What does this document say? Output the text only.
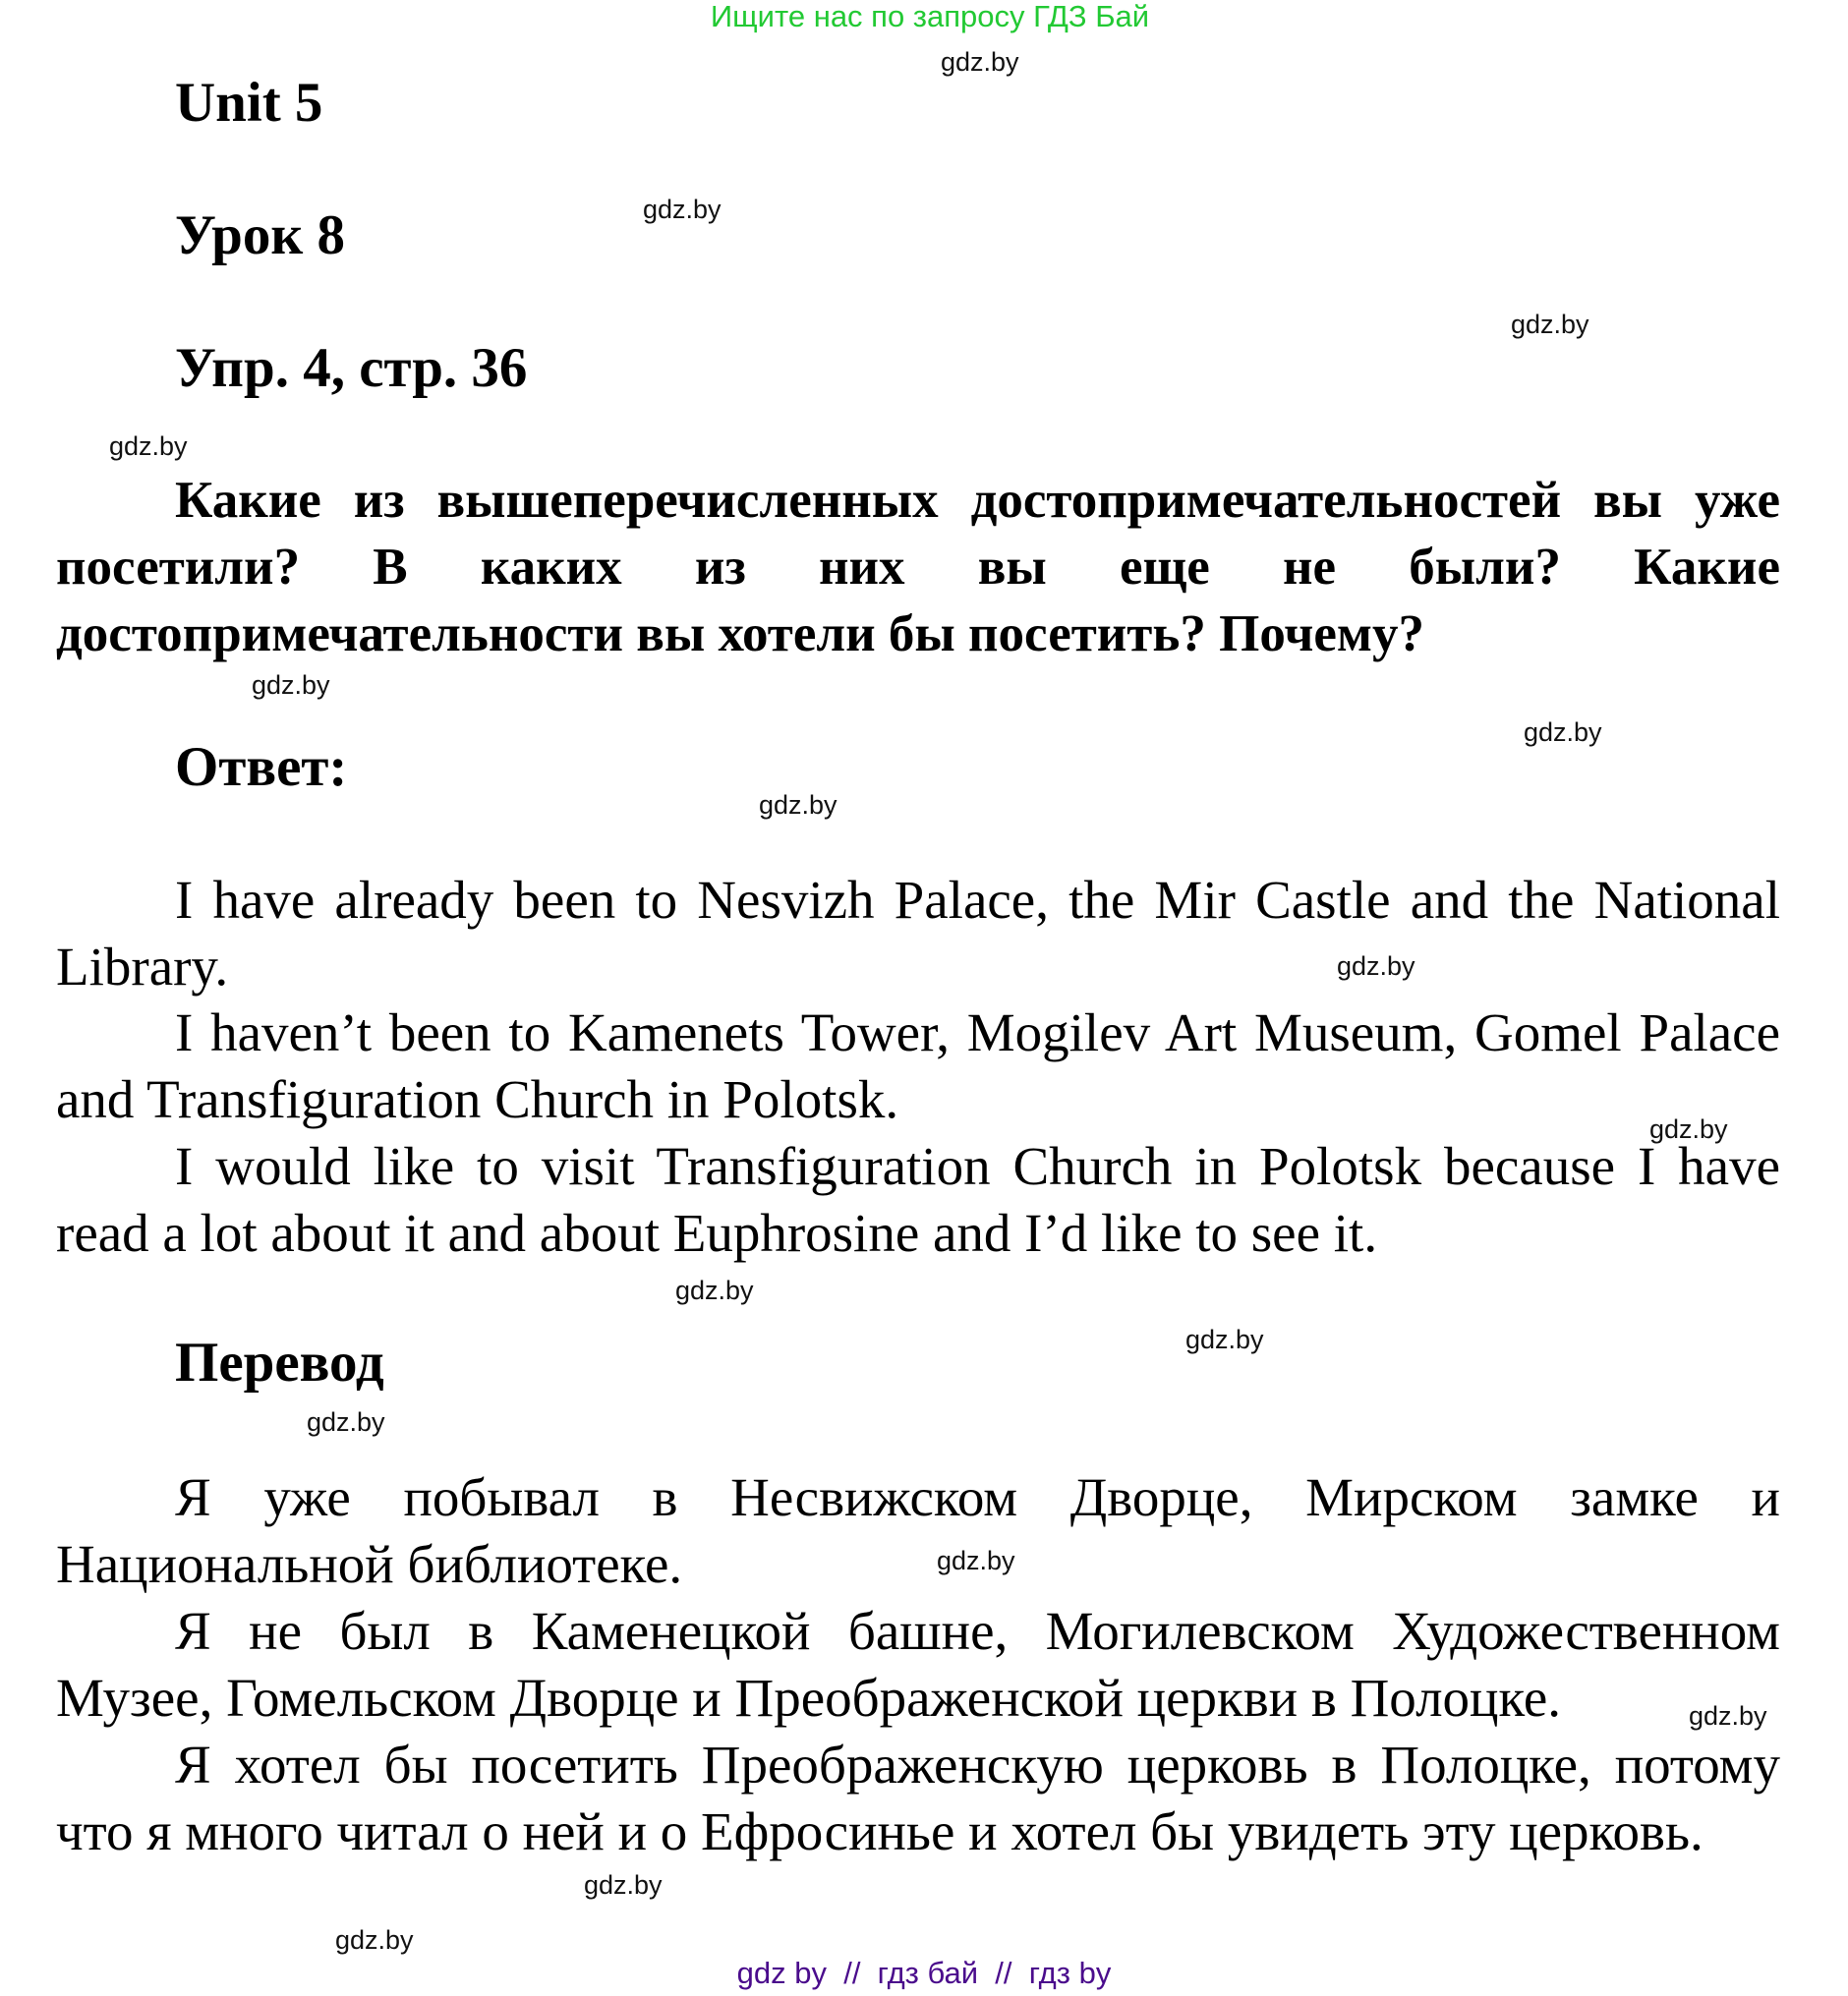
Ищите нас по запросу ГДЗ Бай
Unit 5
Урок 8
Упр. 4, стр. 36
Какие из вышеперечисленных достопримечательностей вы уже посетили? В каких из них вы еще не были? Какие достопримечательности вы хотели бы посетить? Почему?
Ответ:
I have already been to Nesvizh Palace, the Mir Castle and the National Library.
I haven’t been to Kamenets Tower, Mogilev Art Museum, Gomel Palace and Transfiguration Church in Polotsk.
I would like to visit Transfiguration Church in Polotsk because I have read a lot about it and about Euphrosine and I’d like to see it.
Перевод
Я уже побывал в Несвижском Дворце, Мирском замке и Национальной библиотеке.
Я не был в Каменецкой башне, Могилевском Художественном Музее, Гомельском Дворце и Преображенской церкви в Полоцке.
Я хотел бы посетить Преображенскую церковь в Полоцке, потому что я много читал о ней и о Ефросинье и хотел бы увидеть эту церковь.
gdz.by
gdz.by
gdz.by
gdz.by
gdz.by
gdz.by
gdz.by
gdz.by
gdz.by
gdz.by
gdz.by
gdz.by
gdz.by
gdz.by
gdz.by
gdz.by
gdz by  //  гдз бай  //  гдз by
